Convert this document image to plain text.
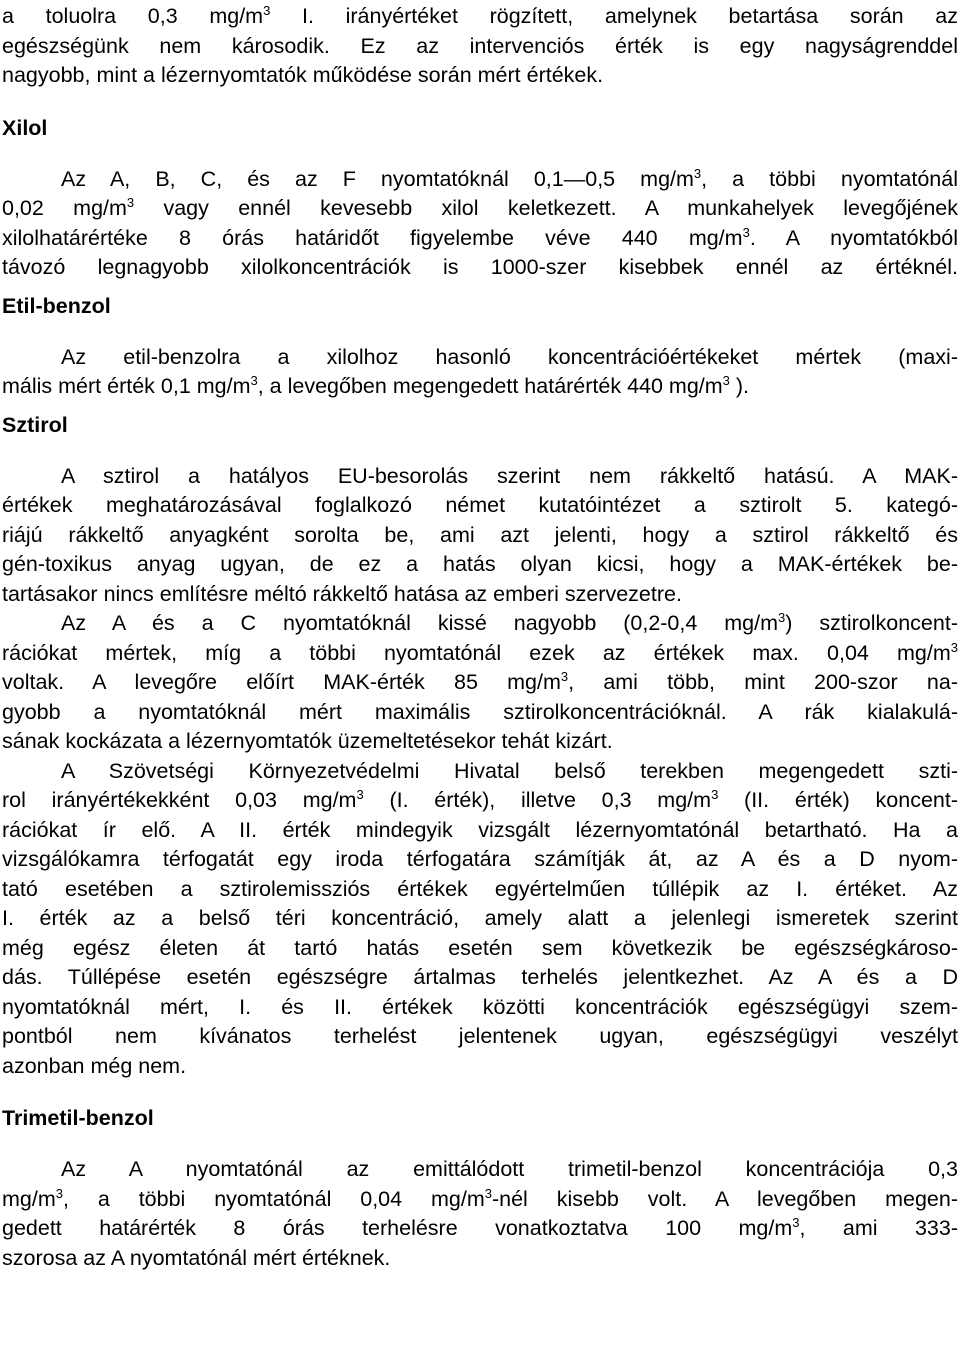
a toluolra 0,3 $mg/m^3$ I. irányértéket rögzített, amelynek betartása során az
egészségünk nem károsodik. Ez az intervenciós érték is egy nagyságrenddel
nagyobb, mint a lézernyomtatók működése során mért értékek.
Xilol
Az A, B, C, és az F nyomtatóknál 0,1—0,5 $mg/m^3$, a többi nyomtatónál
0,02 $mg/m^3$ vagy ennél kevesebb xilol keletkezett. A munkahelyek levegőjének
xilolhatárértéke 8 órás határidőt figyelembe véve 440 $mg/m^3$. A nyomtatókból
távozó legnagyobb xilolkoncentrációk is 1000-szer kisebbek ennél az értéknél.
Etil-benzol
Az etil-benzolra a xilolhoz hasonló koncentrációértékeket mértek (maxi-
mális mért érték 0,1 $mg/m^3$, a levegőben megengedett határérték 440 $mg/m^3$ ).
Sztirol
A sztirol a hatályos EU-besorolás szerint nem rákkeltő hatású. A MAK-
értékek meghatározásával foglalkozó német kutatóintézet a sztirolt 5. kategó-
riájú rákkeltő anyagként sorolta be, ami azt jelenti, hogy a sztirol rákkeltő és
gén-toxikus anyag ugyan, de ez a hatás olyan kicsi, hogy a MAK-értékek be-
tartásakor nincs említésre méltó rákkeltő hatása az emberi szervezetre.
Az A és a C nyomtatóknál kissé nagyobb (0,2-0,4 $mg/m^3$) sztirolkoncent-
rációkat mértek, míg a többi nyomtatónál ezek az értékek max. 0,04 $mg/m^3$
voltak. A levegőre előírt MAK-érték 85 $mg/m^3$, ami több, mint 200-szor na-
gyobb a nyomtatóknál mért maximális sztirolkoncentrációknál. A rák kialakulá-
sának kockázata a lézernyomtatók üzemeltetésekor tehát kizárt.
A Szövetségi Környezetvédelmi Hivatal belső terekben megengedett szti-
rol irányértékekként 0,03 $mg/m^3$ (I. érték), illetve 0,3 $mg/m^3$ (II. érték) koncent-
rációkat ír elő. A II. érték mindegyik vizsgált lézernyomtatónál betartható. Ha a
vizsgálókamra térfogatát egy iroda térfogatára számítják át, az A és a D nyom-
tató esetében a sztirolemissziós értékek egyértelműen túllépik az I. értéket. Az
I. érték az a belső téri koncentráció, amely alatt a jelenlegi ismeretek szerint
még egész életen át tartó hatás esetén sem következik be egészségkároso-
dás. Túllépése esetén egészségre ártalmas terhelés jelentkezhet. Az A és a D
nyomtatóknál mért, I. és II. értékek közötti koncentrációk egészségügyi szem-
pontból nem kívánatos terhelést jelentenek ugyan, egészségügyi veszélyt
azonban még nem.
Trimetil-benzol
Az A nyomtatónál az emittálódott trimetil-benzol koncentrációja 0,3
$mg/m^3$, a többi nyomtatónál 0,04 $mg/m^3$-nél kisebb volt. A levegőben megen-
gedett határérték 8 órás terhelésre vonatkoztatva 100 $mg/m^3$, ami 333-
szorosa az A nyomtatónál mért értéknek.
